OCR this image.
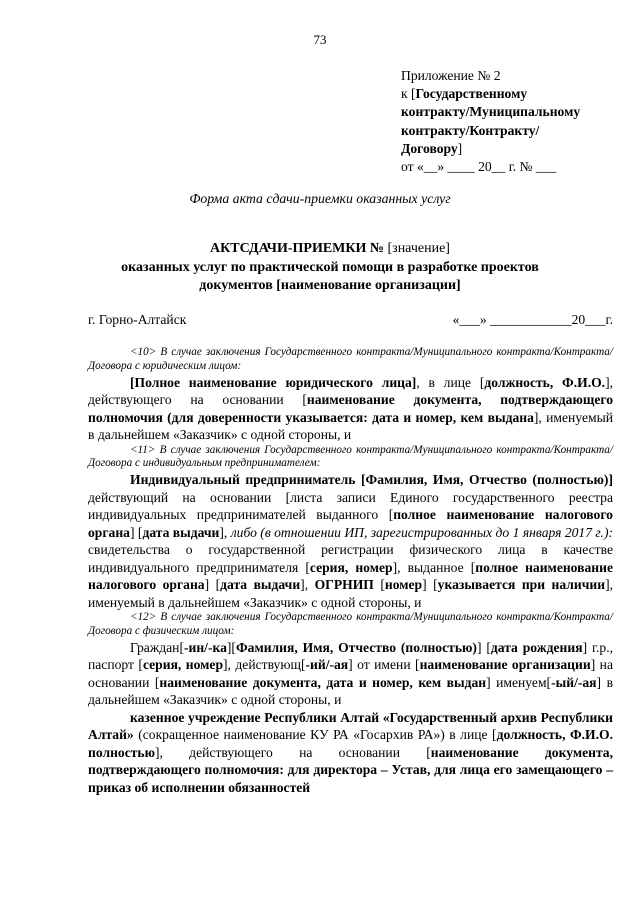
73
Приложение № 2
к [Государственному
контракту/Муниципальному
контракту/Контракту/
Договору]
от «__» ____ 20__ г. № ___
Форма акта сдачи-приемки оказанных услуг
АКТСДАЧИ-ПРИЕМКИ № [значение]
оказанных услуг по практической помощи в разработке проектов
документов [наименование организации]
г. Горно-Алтайск	«___» ____________20___г.

<10> В случае заключения Государственного контракта/Муниципального контракта/Контракта/Договора с юридическим лицом:

[Полное наименование юридического лица], в лице [должность, Ф.И.О.], действующего на основании [наименование документа, подтверждающего полномочия (для доверенности указывается: дата и номер, кем выдана], именуемый в дальнейшем «Заказчик» с одной стороны, и

<11> В случае заключения Государственного контракта/Муниципального контракта/Контракта/Договора с индивидуальным предпринимателем:

Индивидуальный предприниматель [Фамилия, Имя, Отчество (полностью)] действующий на основании [листа записи Единого государственного реестра индивидуальных предпринимателей выданного [полное наименование налогового органа] [дата выдачи], либо (в отношении ИП, зарегистрированных до 1 января 2017 г.): свидетельства о государственной регистрации физического лица в качестве индивидуального предпринимателя [серия, номер], выданное [полное наименование налогового органа] [дата выдачи], ОГРНИП [номер] [указывается при наличии], именуемый в дальнейшем «Заказчик» с одной стороны, и

<12> В случае заключения Государственного контракта/Муниципального контракта/Контракта/Договора с физическим лицом:

Граждан[-ин/-ка][Фамилия, Имя, Отчество (полностью)] [дата рождения] г.р., паспорт [серия, номер], действующ[-ий/-ая] от имени [наименование организации] на основании [наименование документа, дата и номер, кем выдан] именуем[-ый/-ая] в дальнейшем «Заказчик» с одной стороны, и

казенное учреждение Республики Алтай «Государственный архив Республики Алтай» (сокращенное наименование КУ РА «Госархив РА») в лице [должность, Ф.И.О. полностью], действующего на основании [наименование документа, подтверждающего полномочия: для директора – Устав, для лица его замещающего – приказ об исполнении обязанностей
